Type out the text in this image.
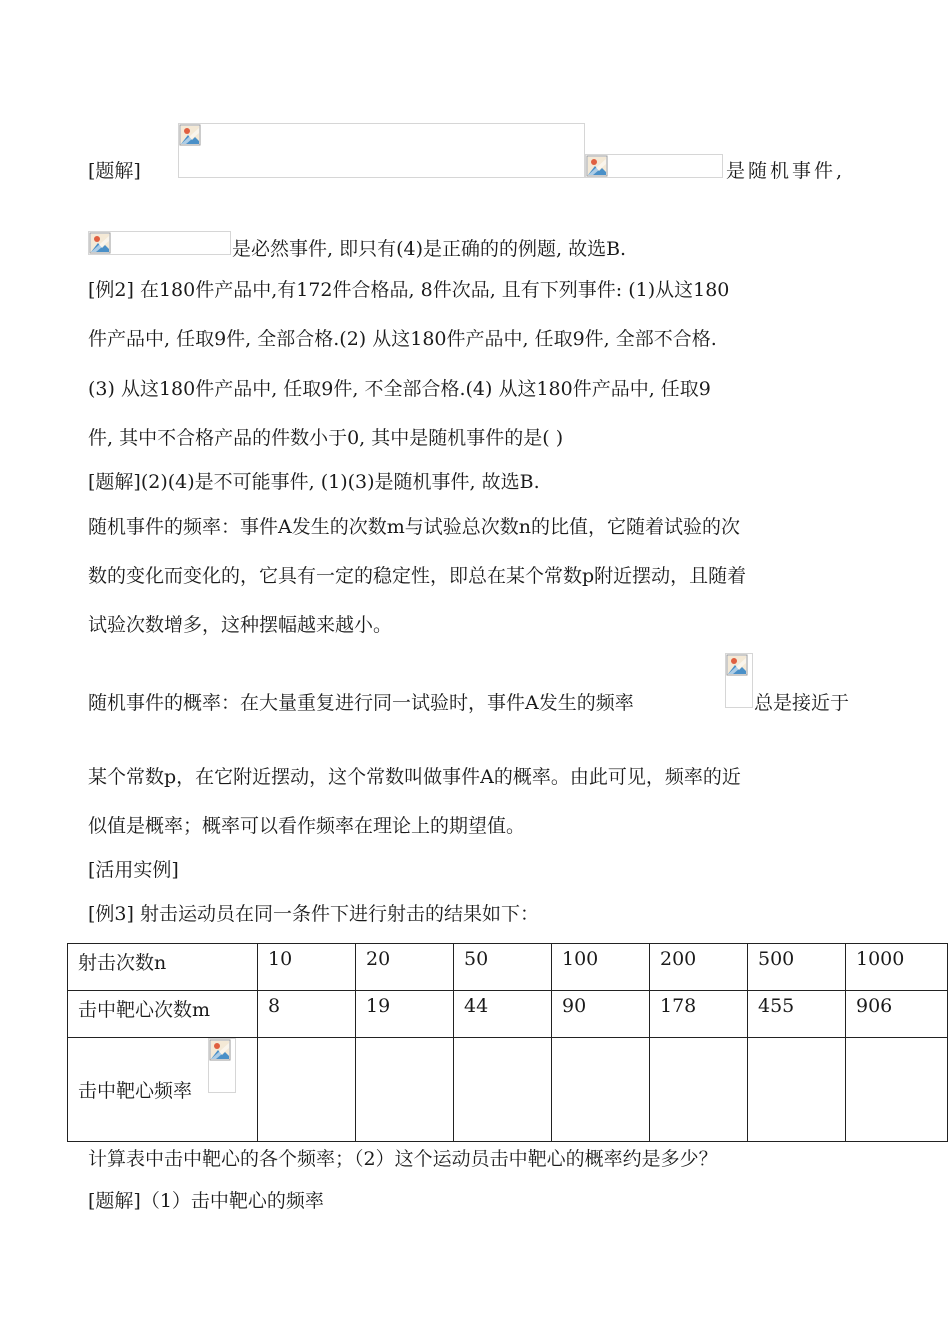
[题解]	是随机事件,
是必然事件, 即只有(4)是正确的的例题, 故选B.
[例2] 在180件产品中,有172件合格品, 8件次品, 且有下列事件: (1)从这180
件产品中, 任取9件, 全部合格.(2) 从这180件产品中, 任取9件, 全部不合格.
(3) 从这180件产品中, 任取9件, 不全部合格.(4) 从这180件产品中, 任取9
件, 其中不合格产品的件数小于0, 其中是随机事件的是( )
[题解](2)(4)是不可能事件, (1)(3)是随机事件, 故选B.
随机事件的频率：事件A发生的次数m与试验总次数n的比值，它随着试验的次
数的变化而变化的，它具有一定的稳定性，即总在某个常数p附近摆动，且随着
试验次数增多，这种摆幅越来越小。
随机事件的概率：在大量重复进行同一试验时，事件A发生的频率	总是接近于
某个常数p，在它附近摆动，这个常数叫做事件A的概率。由此可见，频率的近
似值是概率；概率可以看作频率在理论上的期望值。
[活用实例]
[例3] 射击运动员在同一条件下进行射击的结果如下：
射击次数n	10	20	50	100	200	500	1000
击中靶心次数m	8	19	44	90	178	455	906
击中靶心频率

计算表中击中靶心的各个频率；（2）这个运动员击中靶心的概率约是多少？
[题解]（1）击中靶心的频率
